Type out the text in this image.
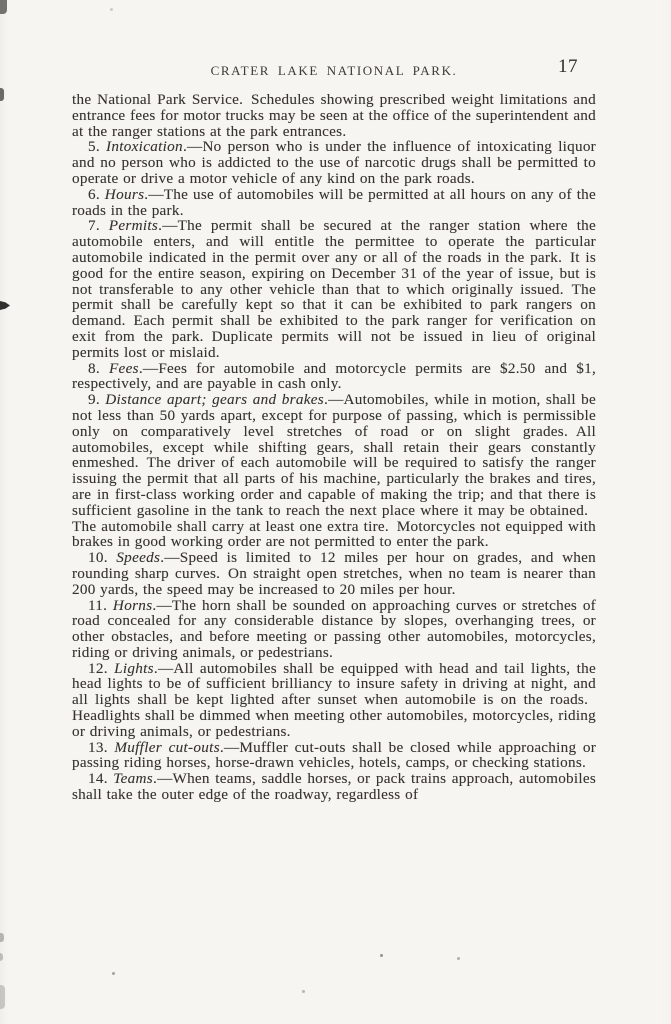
CRATER LAKE NATIONAL PARK.	17

the National Park Service. Schedules showing prescribed weight limitations and entrance fees for motor trucks may be seen at the office of the superintendent and at the ranger stations at the park entrances.

5. Intoxication.—No person who is under the influence of intoxicating liquor and no person who is addicted to the use of narcotic drugs shall be permitted to operate or drive a motor vehicle of any kind on the park roads.

6. Hours.—The use of automobiles will be permitted at all hours on any of the roads in the park.

7. Permits.—The permit shall be secured at the ranger station where the automobile enters, and will entitle the permittee to operate the particular automobile indicated in the permit over any or all of the roads in the park. It is good for the entire season, expiring on December 31 of the year of issue, but is not transferable to any other vehicle than that to which originally issued. The permit shall be carefully kept so that it can be exhibited to park rangers on demand. Each permit shall be exhibited to the park ranger for verification on exit from the park. Duplicate permits will not be issued in lieu of original permits lost or mislaid.

8. Fees.—Fees for automobile and motorcycle permits are $2.50 and $1, respectively, and are payable in cash only.

9. Distance apart; gears and brakes.—Automobiles, while in motion, shall be not less than 50 yards apart, except for purpose of passing, which is permissible only on comparatively level stretches of road or on slight grades. All automobiles, except while shifting gears, shall retain their gears constantly enmeshed. The driver of each automobile will be required to satisfy the ranger issuing the permit that all parts of his machine, particularly the brakes and tires, are in first-class working order and capable of making the trip; and that there is sufficient gasoline in the tank to reach the next place where it may be obtained. The automobile shall carry at least one extra tire. Motorcycles not equipped with brakes in good working order are not permitted to enter the park.

10. Speeds.—Speed is limited to 12 miles per hour on grades, and when rounding sharp curves. On straight open stretches, when no team is nearer than 200 yards, the speed may be increased to 20 miles per hour.

11. Horns.—The horn shall be sounded on approaching curves or stretches of road concealed for any considerable distance by slopes, overhanging trees, or other obstacles, and before meeting or passing other automobiles, motorcycles, riding or driving animals, or pedestrians.

12. Lights.—All automobiles shall be equipped with head and tail lights, the head lights to be of sufficient brilliancy to insure safety in driving at night, and all lights shall be kept lighted after sunset when automobile is on the roads. Headlights shall be dimmed when meeting other automobiles, motorcycles, riding or driving animals, or pedestrians.

13. Muffler cut-outs.—Muffler cut-outs shall be closed while approaching or passing riding horses, horse-drawn vehicles, hotels, camps, or checking stations.

14. Teams.—When teams, saddle horses, or pack trains approach, automobiles shall take the outer edge of the roadway, regardless of
